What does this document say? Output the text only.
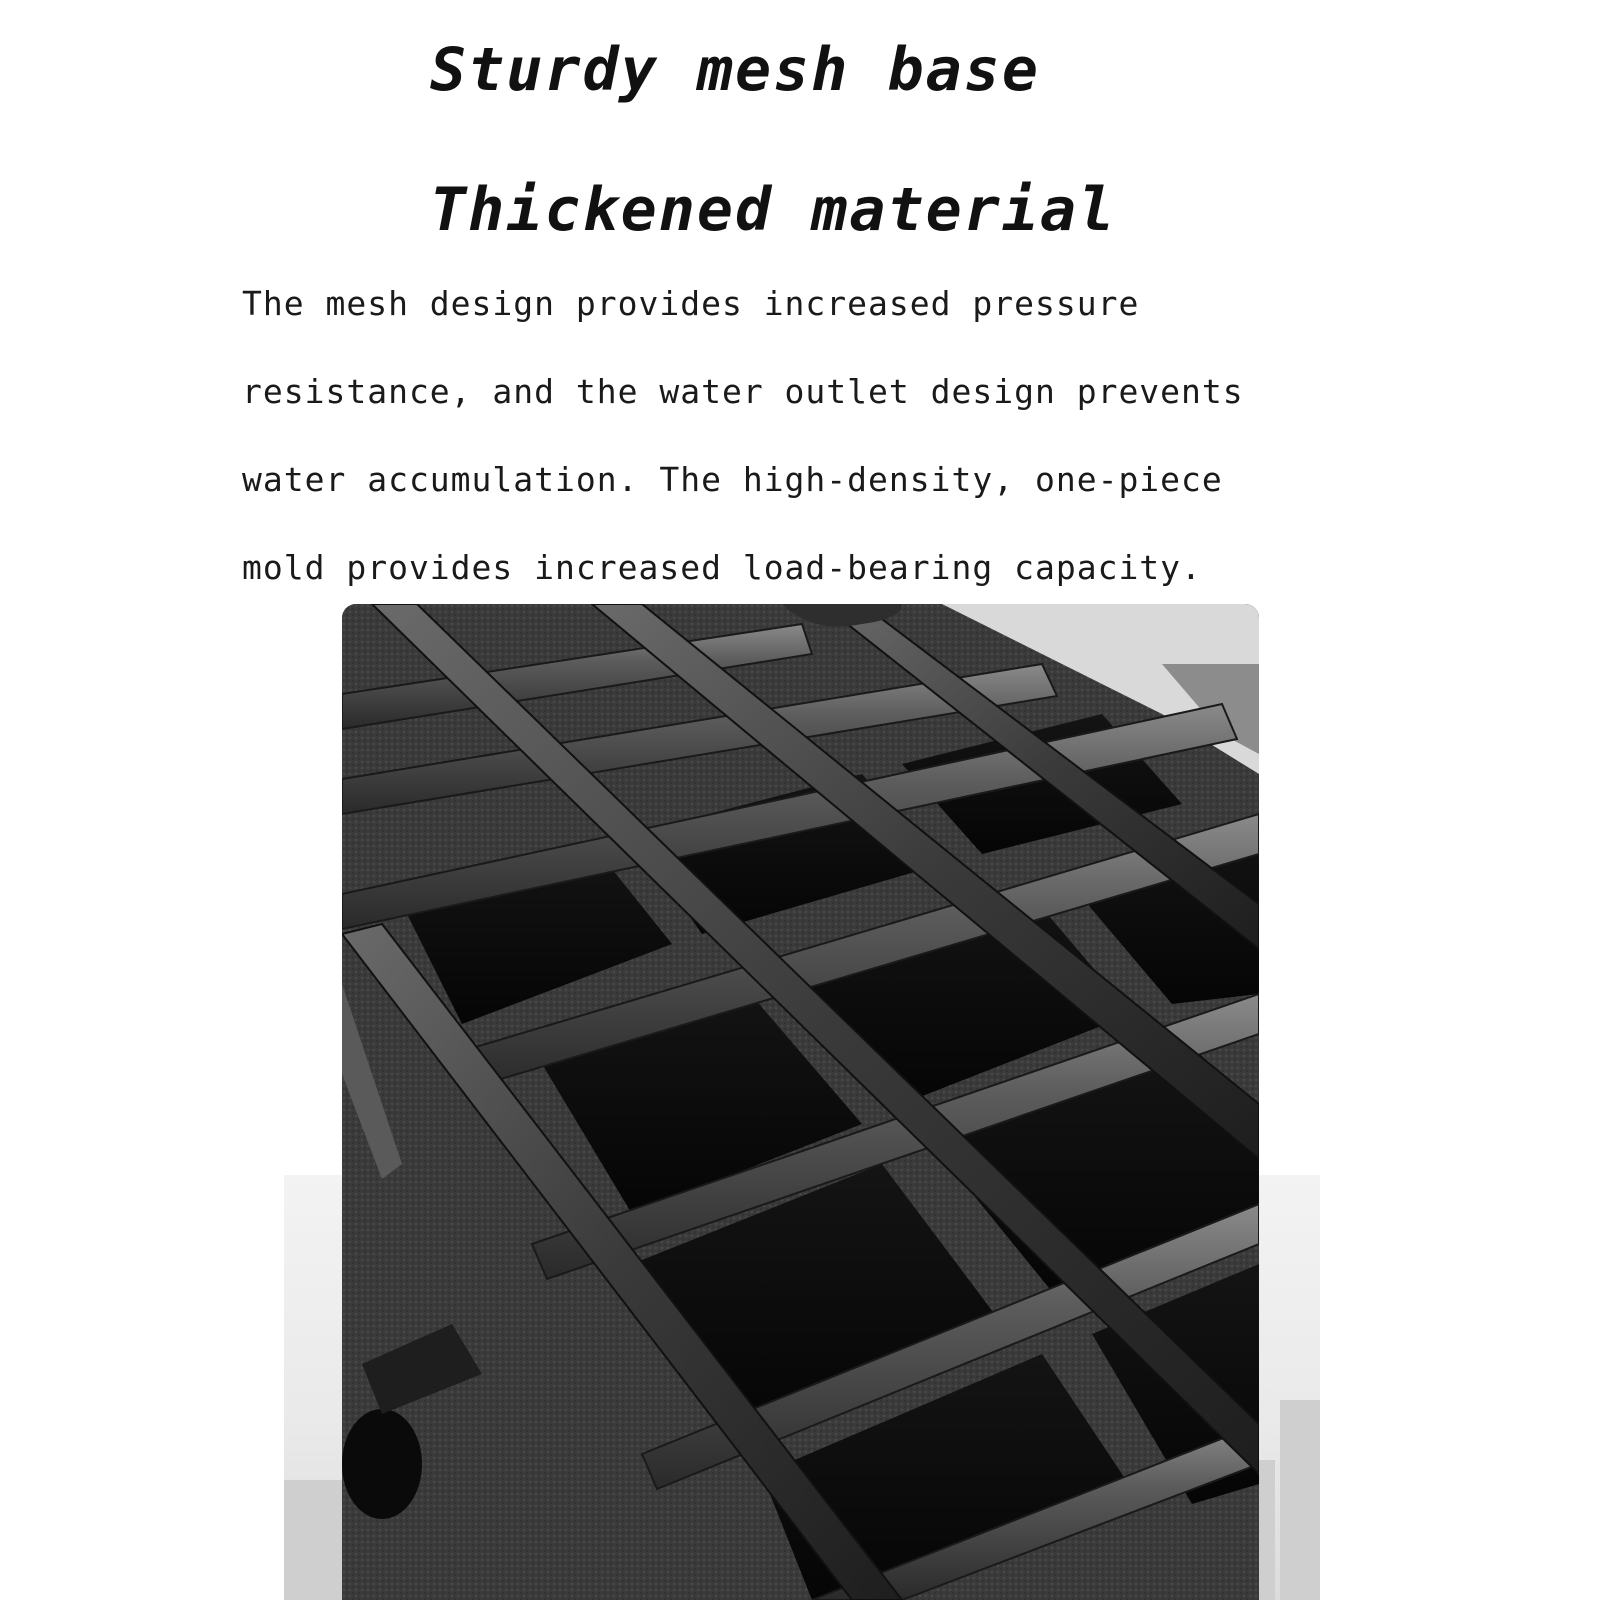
Sturdy mesh base
Thickened material
The mesh design provides increased pressure
resistance, and the water outlet design prevents
water accumulation. The high-density, one-piece
mold provides increased load-bearing capacity.
